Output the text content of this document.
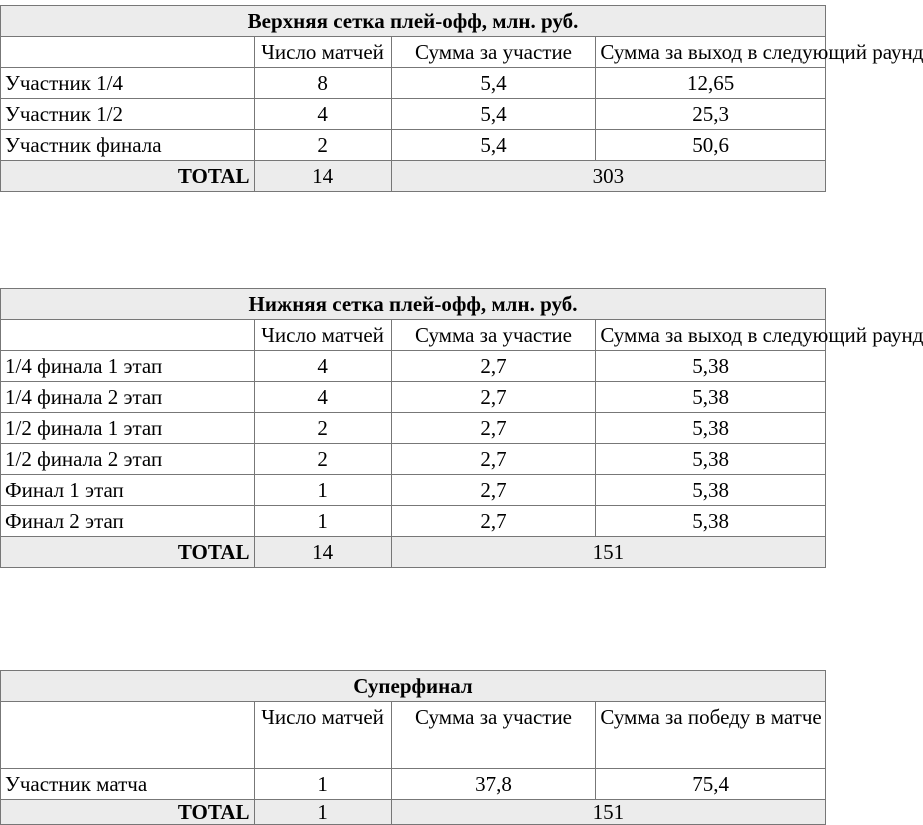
Верхняя сетка плей-офф, млн. руб.			
	Число матчей	Сумма за участие	Сумма за выход в следующий раунд
Участник 1/4	8	5,4	12,65
Участник 1/2	4	5,4	25,3
Участник финала	2	5,4	50,6
TOTAL	14	303	
Нижняя сетка плей-офф, млн. руб.			
	Число матчей	Сумма за участие	Сумма за выход в следующий раунд
1/4 финала 1 этап	4	2,7	5,38
1/4 финала 2 этап	4	2,7	5,38
1/2 финала 1 этап	2	2,7	5,38
1/2 финала 2 этап	2	2,7	5,38
Финал 1 этап	1	2,7	5,38
Финал 2 этап	1	2,7	5,38
TOTAL	14	151	
Суперфинал			
	Число матчей	Сумма за участие	Сумма за победу в матче
Участник матча	1	37,8	75,4
TOTAL	1	151	
